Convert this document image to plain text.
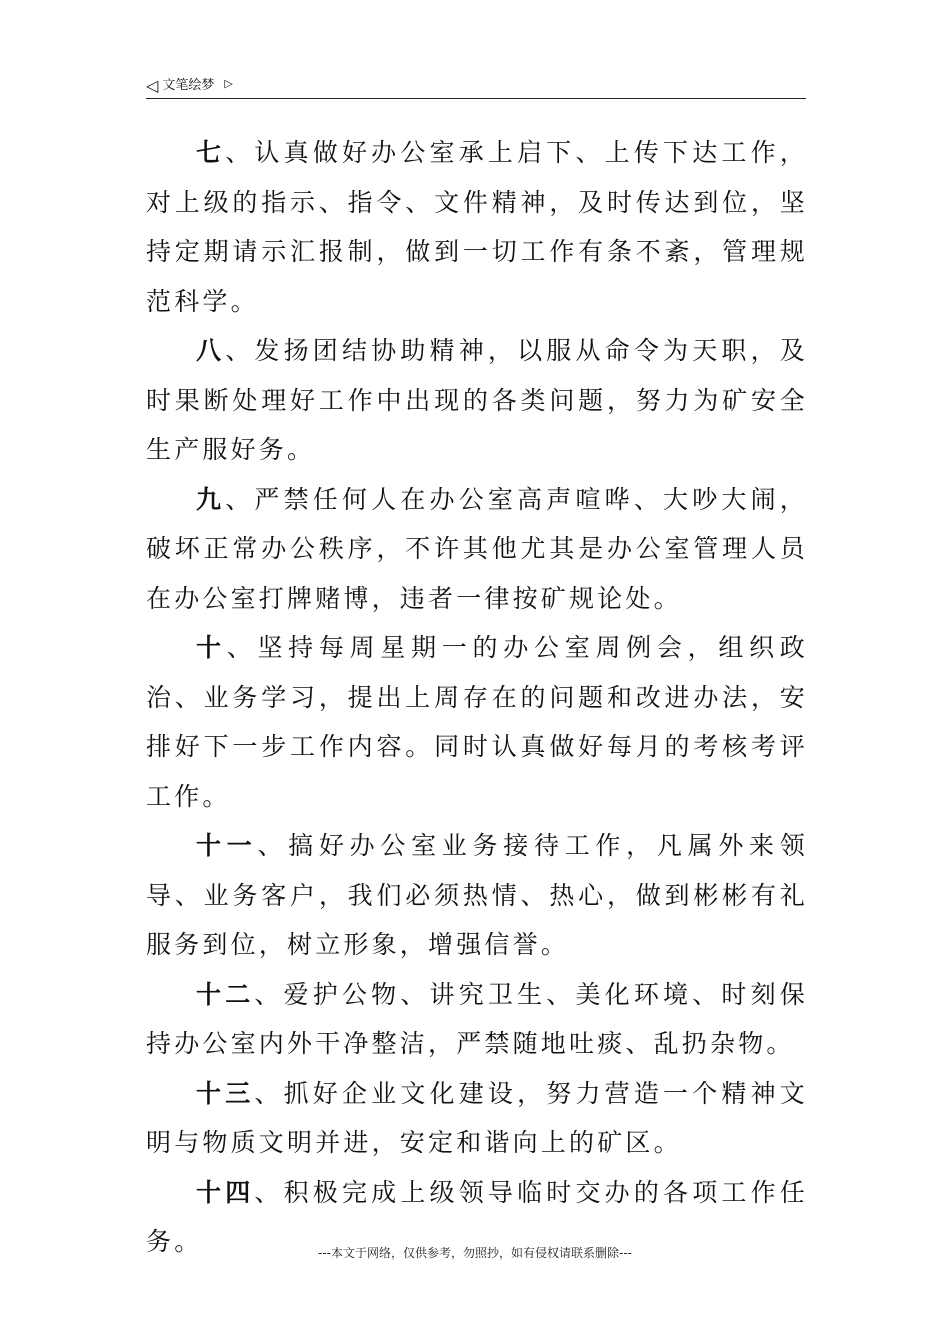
◁ 文笔绘梦 ▷

七、认真做好办公室承上启下、上传下达工作，对上级的指示、指令、文件精神，及时传达到位，坚持定期请示汇报制，做到一切工作有条不紊，管理规范科学。

八、发扬团结协助精神，以服从命令为天职，及时果断处理好工作中出现的各类问题，努力为矿安全生产服好务。

九、严禁任何人在办公室高声喧哗、大吵大闹，破坏正常办公秩序，不许其他尤其是办公室管理人员在办公室打牌赌博，违者一律按矿规论处。

十、坚持每周星期一的办公室周例会，组织政治、业务学习，提出上周存在的问题和改进办法，安排好下一步工作内容。同时认真做好每月的考核考评工作。

十一、搞好办公室业务接待工作，凡属外来领导、业务客户，我们必须热情、热心，做到彬彬有礼服务到位，树立形象，增强信誉。

十二、爱护公物、讲究卫生、美化环境、时刻保持办公室内外干净整洁，严禁随地吐痰、乱扔杂物。

十三、抓好企业文化建设，努力营造一个精神文明与物质文明并进，安定和谐向上的矿区。

十四、积极完成上级领导临时交办的各项工作任务。	---本文于网络，仅供参考，勿照抄，如有侵权请联系删除---
